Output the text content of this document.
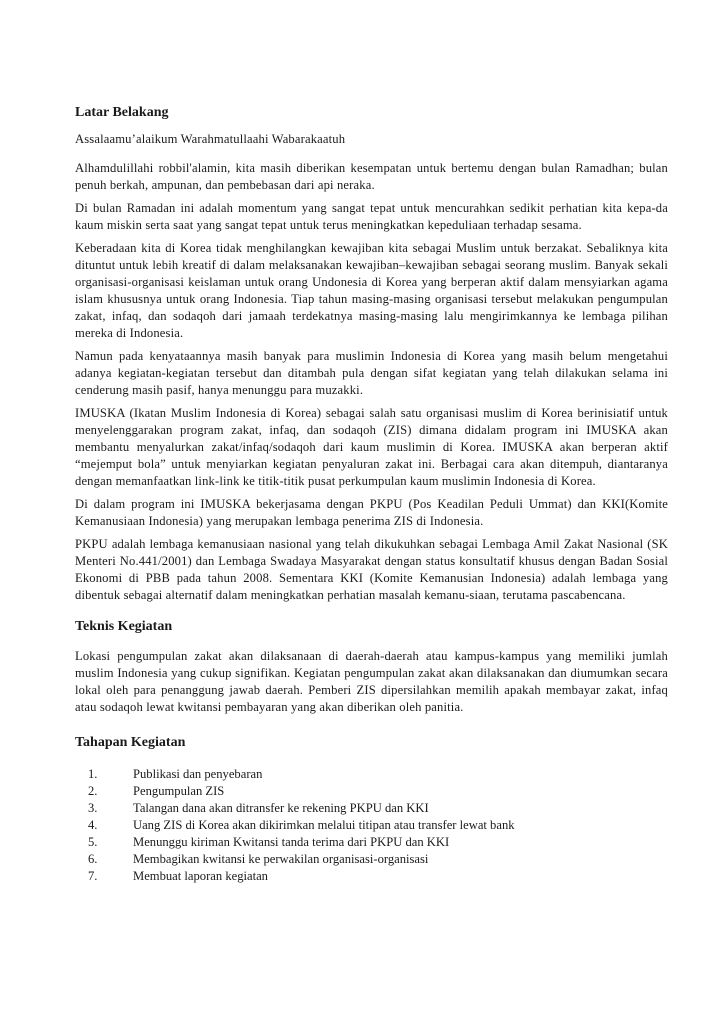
Latar Belakang

Assalaamu’alaikum Warahmatullaahi Wabarakaatuh

Alhamdulillahi robbil'alamin, kita masih diberikan kesempatan untuk bertemu dengan bulan Ramadhan; bulan penuh berkah, ampunan, dan pembebasan dari api neraka.

Di bulan Ramadan ini adalah momentum yang sangat tepat untuk mencurahkan sedikit perhatian kita kepa-da kaum miskin serta saat yang sangat tepat untuk terus meningkatkan kepeduliaan terhadap sesama.

Keberadaan kita di Korea tidak menghilangkan kewajiban kita sebagai Muslim untuk berzakat. Sebaliknya kita dituntut untuk lebih kreatif di dalam melaksanakan kewajiban–kewajiban sebagai seorang muslim. Banyak sekali organisasi-organisasi keislaman untuk orang Undonesia di Korea yang berperan aktif dalam mensyiarkan agama islam khususnya untuk orang Indonesia. Tiap tahun masing-masing organisasi tersebut melakukan pengumpulan zakat, infaq, dan sodaqoh dari jamaah terdekatnya masing-masing lalu mengirimkannya ke lembaga pilihan mereka di Indonesia.

Namun pada kenyataannya masih banyak para muslimin Indonesia di Korea yang masih belum mengetahui adanya kegiatan-kegiatan tersebut dan ditambah pula dengan sifat kegiatan yang telah dilakukan selama ini cenderung masih pasif, hanya menunggu para muzakki.

IMUSKA (Ikatan Muslim Indonesia di Korea) sebagai salah satu organisasi muslim di Korea berinisiatif untuk menyelenggarakan program zakat, infaq, dan sodaqoh (ZIS) dimana didalam program ini IMUSKA akan membantu menyalurkan zakat/infaq/sodaqoh dari kaum muslimin di Korea. IMUSKA akan berperan aktif “mejemput bola” untuk menyiarkan kegiatan penyaluran zakat ini. Berbagai cara akan ditempuh, diantaranya dengan memanfaatkan link-link ke titik-titik pusat perkumpulan kaum muslimin Indonesia di Korea.

Di dalam program ini IMUSKA bekerjasama dengan PKPU (Pos Keadilan Peduli Ummat) dan KKI(Komite Kemanusiaan Indonesia) yang merupakan lembaga penerima ZIS di Indonesia.

PKPU adalah lembaga kemanusiaan nasional yang telah dikukuhkan sebagai Lembaga Amil Zakat Nasional (SK Menteri No.441/2001) dan Lembaga Swadaya Masyarakat dengan status konsultatif khusus dengan Badan Sosial Ekonomi di PBB pada tahun 2008. Sementara KKI (Komite Kemanusian Indonesia) adalah lembaga yang dibentuk sebagai alternatif dalam meningkatkan perhatian masalah kemanu-siaan, terutama pascabencana.

Teknis Kegiatan

Lokasi pengumpulan zakat akan dilaksanaan di daerah-daerah atau kampus-kampus yang memiliki jumlah muslim Indonesia yang cukup signifikan. Kegiatan pengumpulan zakat akan dilaksanakan dan diumumkan secara lokal oleh para penanggung jawab daerah. Pemberi ZIS dipersilahkan memilih apakah membayar zakat, infaq atau sodaqoh lewat kwitansi pembayaran yang akan diberikan oleh panitia.

Tahapan Kegiatan
1.	Publikasi dan penyebaran
2.	Pengumpulan ZIS
3.	Talangan dana akan ditransfer ke rekening PKPU dan KKI
4.	Uang ZIS di Korea akan dikirimkan melalui titipan atau transfer lewat bank
5.	Menunggu kiriman Kwitansi tanda terima dari PKPU dan KKI
6.	Membagikan kwitansi ke perwakilan organisasi-organisasi
7.	Membuat laporan kegiatan
